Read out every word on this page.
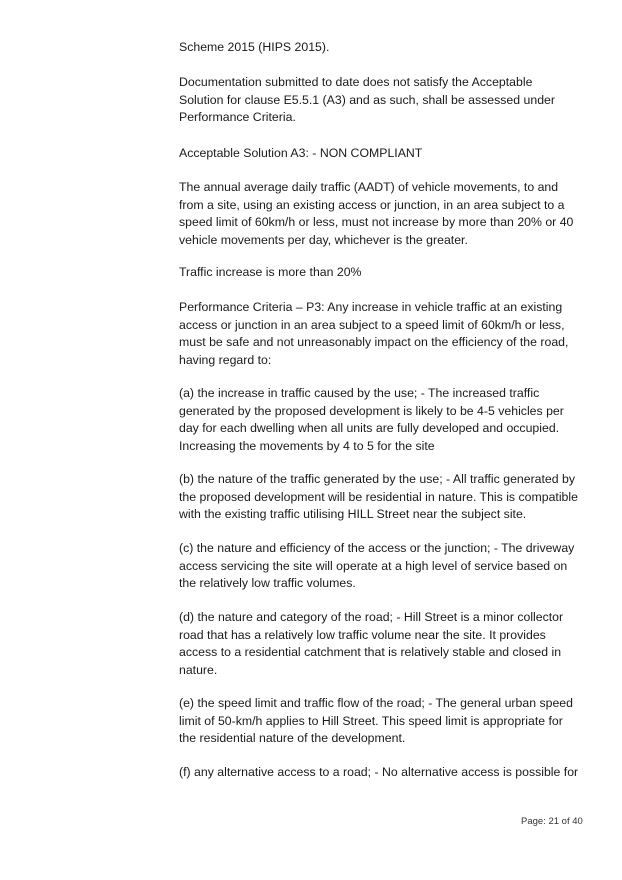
Scheme 2015 (HIPS 2015).

Documentation submitted to date does not satisfy the Acceptable
Solution for clause E5.5.1 (A3) and as such, shall be assessed under
Performance Criteria.

Acceptable Solution A3: - NON COMPLIANT

The annual average daily traffic (AADT) of vehicle movements, to and
from a site, using an existing access or junction, in an area subject to a
speed limit of 60km/h or less, must not increase by more than 20% or 40
vehicle movements per day, whichever is the greater.

Traffic increase is more than 20%

Performance Criteria – P3: Any increase in vehicle traffic at an existing
access or junction in an area subject to a speed limit of 60km/h or less,
must be safe and not unreasonably impact on the efficiency of the road,
having regard to:

(a) the increase in traffic caused by the use; - The increased traffic
generated by the proposed development is likely to be 4-5 vehicles per
day for each dwelling when all units are fully developed and occupied.
Increasing the movements by 4 to 5 for the site

(b) the nature of the traffic generated by the use; - All traffic generated by
the proposed development will be residential in nature. This is compatible
with the existing traffic utilising HILL Street near the subject site.

(c) the nature and efficiency of the access or the junction; - The driveway
access servicing the site will operate at a high level of service based on
the relatively low traffic volumes.

(d) the nature and category of the road; - Hill Street is a minor collector
road that has a relatively low traffic volume near the site. It provides
access to a residential catchment that is relatively stable and closed in
nature.

(e) the speed limit and traffic flow of the road; - The general urban speed
limit of 50-km/h applies to Hill Street. This speed limit is appropriate for
the residential nature of the development.

(f) any alternative access to a road; - No alternative access is possible for

Page: 21 of 40
